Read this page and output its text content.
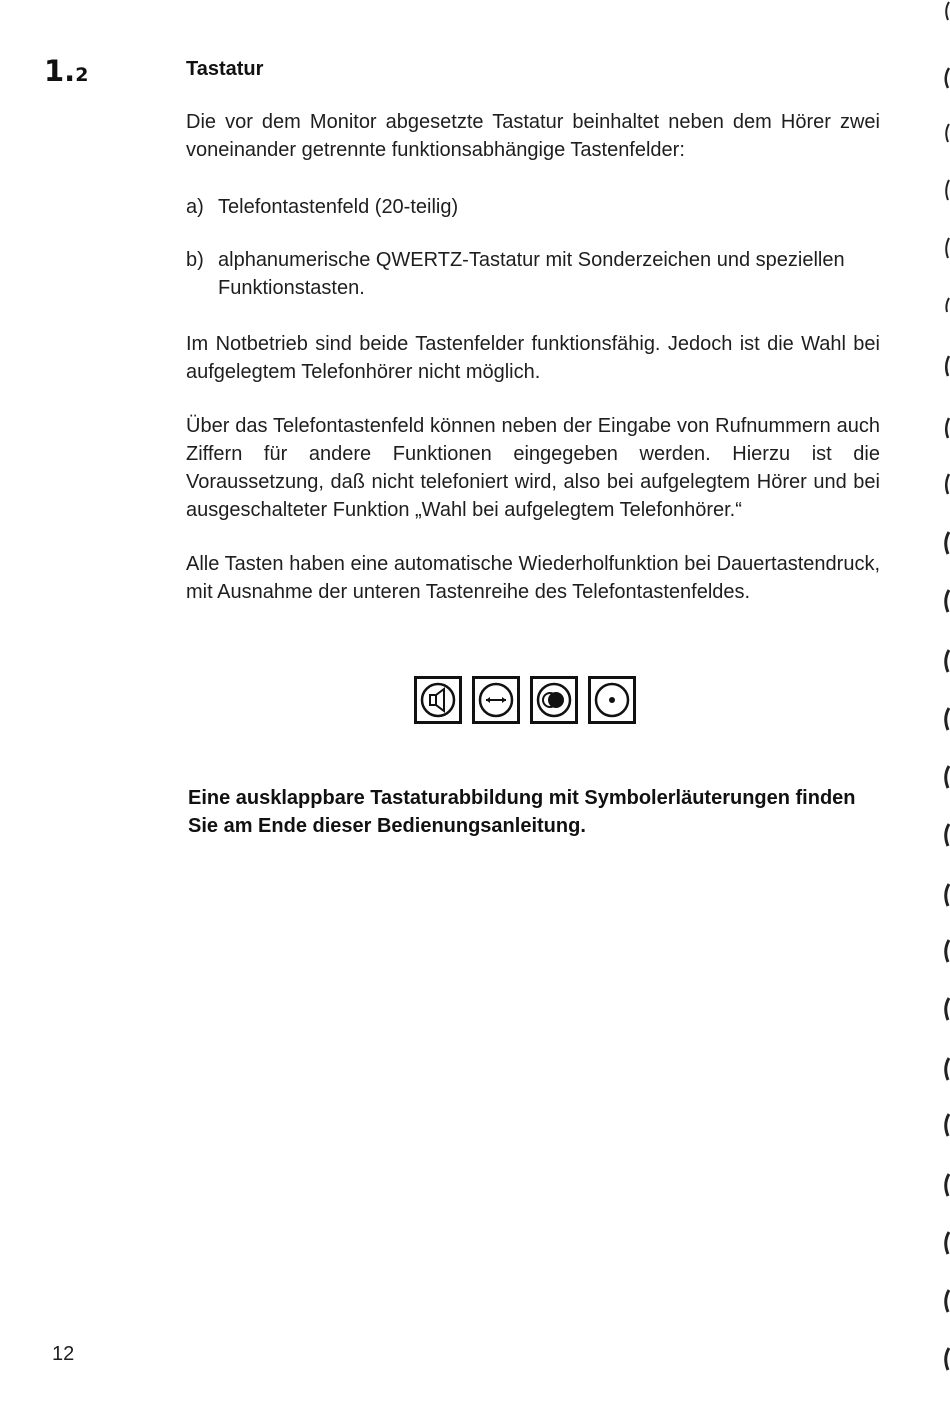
1.2	Tastatur
Die vor dem Monitor abgesetzte Tastatur beinhaltet neben dem Hörer zwei voneinander getrennte funktionsabhängige Tastenfelder:
a) Telefontastenfeld (20-teilig)
b) alphanumerische QWERTZ-Tastatur mit Sonderzeichen und speziellen Funktionstasten.
Im Notbetrieb sind beide Tastenfelder funktionsfähig. Jedoch ist die Wahl bei aufgelegtem Telefonhörer nicht möglich.
Über das Telefontastenfeld können neben der Eingabe von Rufnummern auch Ziffern für andere Funktionen eingegeben werden. Hierzu ist die Voraussetzung, daß nicht telefoniert wird, also bei aufgelegtem Hörer und bei ausgeschalteter Funktion „Wahl bei aufgelegtem Telefonhörer.“
Alle Tasten haben eine automatische Wiederholfunktion bei Dauertastendruck, mit Ausnahme der unteren Tastenreihe des Telefontastenfeldes.
Eine ausklappbare Tastaturabbildung mit Symbolerläuterungen finden Sie am Ende dieser Bedienungsanleitung.
12
